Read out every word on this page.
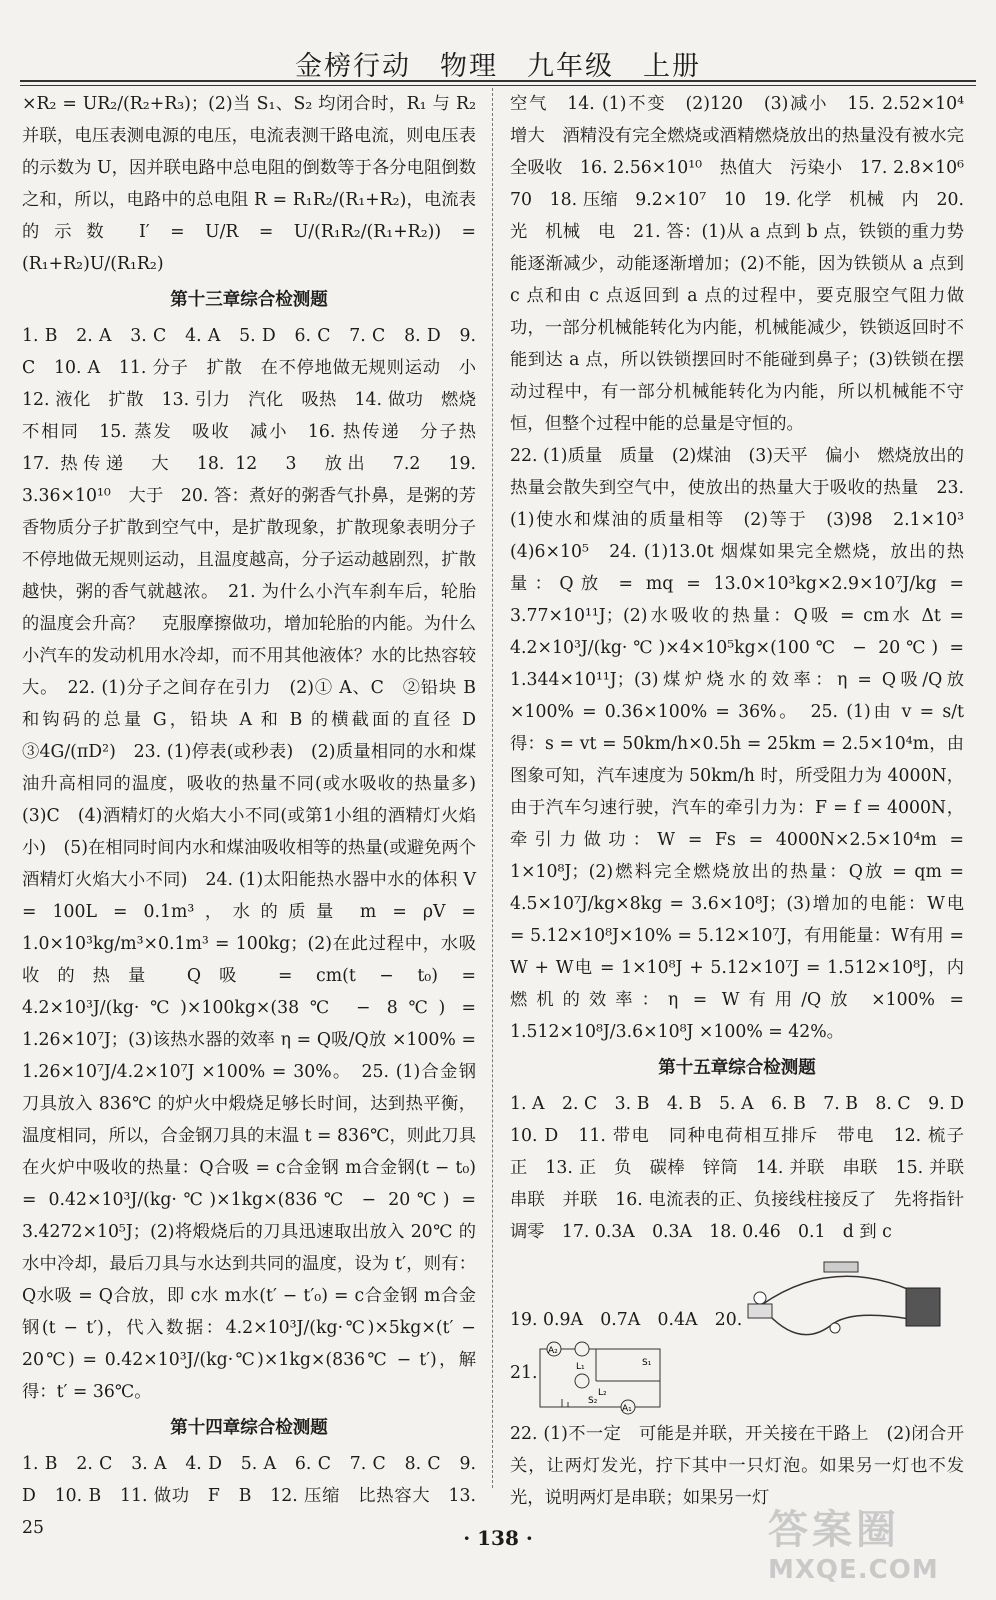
金榜行动　物理　九年级　上册

×R₂ = UR₂/(R₂+R₃)；(2)当 S₁、S₂ 均闭合时，R₁ 与 R₂ 并联，电压表测电源的电压，电流表测干路电流，则电压表的示数为 U，因并联电路中总电阻的倒数等于各分电阻倒数之和，所以，电路中的总电阻 R = R₁R₂/(R₁+R₂)，电流表的示数 I′ = U/R = U/(R₁R₂/(R₁+R₂)) = (R₁+R₂)U/(R₁R₂)

第十三章综合检测题

1. B　2. A　3. C　4. A　5. D　6. C　7. C　8. D　9. C　10. A　11. 分子　扩散　在不停地做无规则运动　小　12. 液化　扩散　13. 引力　汽化　吸热　14. 做功　燃烧　不相同　15. 蒸发　吸收　减小　16. 热传递　分子热　17. 热传递　大　18. 12　3　放出　7.2　19. 3.36×10¹⁰　大于　20. 答：煮好的粥香气扑鼻，是粥的芳香物质分子扩散到空气中，是扩散现象，扩散现象表明分子不停地做无规则运动，且温度越高，分子运动越剧烈，扩散越快，粥的香气就越浓。　21. 为什么小汽车刹车后，轮胎的温度会升高？　克服摩擦做功，增加轮胎的内能。为什么小汽车的发动机用水冷却，而不用其他液体？水的比热容较大。　22. (1)分子之间存在引力　(2)① A、C　②铅块 B 和钩码的总量 G，铅块 A 和 B 的横截面的直径 D　③4G/(πD²)　23. (1)停表(或秒表)　(2)质量相同的水和煤油升高相同的温度，吸收的热量不同(或水吸收的热量多)　(3)C　(4)酒精灯的火焰大小不同(或第1小组的酒精灯火焰小)　(5)在相同时间内水和煤油吸收相等的热量(或避免两个酒精灯火焰大小不同)　24. (1)太阳能热水器中水的体积 V = 100L = 0.1m³，水的质量 m = ρV = 1.0×10³kg/m³×0.1m³ = 100kg；(2)在此过程中，水吸收的热量 Q吸 = cm(t − t₀) = 4.2×10³J/(kg·℃)×100kg×(38℃ − 8℃) = 1.26×10⁷J；(3)该热水器的效率 η = Q吸/Q放 ×100% = 1.26×10⁷J/4.2×10⁷J ×100% = 30%。　25. (1)合金钢刀具放入 836℃ 的炉火中煅烧足够长时间，达到热平衡，温度相同，所以，合金钢刀具的末温 t = 836℃，则此刀具在火炉中吸收的热量：Q合吸 = c合金钢 m合金钢(t − t₀) = 0.42×10³J/(kg·℃)×1kg×(836℃ − 20℃) = 3.4272×10⁵J；(2)将煅烧后的刀具迅速取出放入 20℃ 的水中冷却，最后刀具与水达到共同的温度，设为 t′，则有：Q水吸 = Q合放，即 c水 m水(t′ − t′₀) = c合金钢 m合金钢(t − t′)，代入数据：4.2×10³J/(kg·℃)×5kg×(t′ − 20℃) = 0.42×10³J/(kg·℃)×1kg×(836℃ − t′)，解得：t′ = 36℃。

第十四章综合检测题

1. B　2. C　3. A　4. D　5. A　6. C　7. C　8. C　9. D　10. B　11. 做功　F　B　12. 压缩　比热容大　13. 25

空气　14. (1)不变　(2)120　(3)减小　15. 2.52×10⁴　增大　酒精没有完全燃烧或酒精燃烧放出的热量没有被水完全吸收　16. 2.56×10¹⁰　热值大　污染小　17. 2.8×10⁶　70　18. 压缩　9.2×10⁷　10　19. 化学　机械　内　20. 光　机械　电　21. 答：(1)从 a 点到 b 点，铁锁的重力势能逐渐减少，动能逐渐增加；(2)不能，因为铁锁从 a 点到 c 点和由 c 点返回到 a 点的过程中，要克服空气阻力做功，一部分机械能转化为内能，机械能减少，铁锁返回时不能到达 a 点，所以铁锁摆回时不能碰到鼻子；(3)铁锁在摆动过程中，有一部分机械能转化为内能，所以机械能不守恒，但整个过程中能的总量是守恒的。

22. (1)质量　质量　(2)煤油　(3)天平　偏小　燃烧放出的热量会散失到空气中，使放出的热量大于吸收的热量　23. (1)使水和煤油的质量相等　(2)等于　(3)98　2.1×10³　(4)6×10⁵　24. (1)13.0t 烟煤如果完全燃烧，放出的热量：Q放 = mq = 13.0×10³kg×2.9×10⁷J/kg = 3.77×10¹¹J；(2)水吸收的热量：Q吸 = cm水 Δt = 4.2×10³J/(kg·℃)×4×10⁵kg×(100℃ − 20℃) = 1.344×10¹¹J；(3)煤炉烧水的效率：η = Q吸/Q放 ×100% = 0.36×100% = 36%。　25. (1)由 v = s/t 得：s = vt = 50km/h×0.5h = 25km = 2.5×10⁴m，由图象可知，汽车速度为 50km/h 时，所受阻力为 4000N，由于汽车匀速行驶，汽车的牵引力为：F = f = 4000N，牵引力做功：W = Fs = 4000N×2.5×10⁴m = 1×10⁸J；(2)燃料完全燃烧放出的热量：Q放 = qm = 4.5×10⁷J/kg×8kg = 3.6×10⁸J；(3)增加的电能：W电 = 5.12×10⁸J×10% = 5.12×10⁷J，有用能量：W有用 = W + W电 = 1×10⁸J + 5.12×10⁷J = 1.512×10⁸J，内燃机的效率：η = W有用/Q放 ×100% = 1.512×10⁸J/3.6×10⁸J ×100% = 42%。

第十五章综合检测题

1. A　2. C　3. B　4. B　5. A　6. B　7. B　8. C　9. D　10. D　11. 带电　同种电荷相互排斥　带电　12. 梳子　正　13. 正　负　碳棒　锌筒　14. 并联　串联　15. 并联　串联　并联　16. 电流表的正、负接线柱接反了　先将指针调零　17. 0.3A　0.3A　18. 0.46　0.1　d 到 c

19. 0.9A　0.7A　0.4A　20.
21.
A₂
A₁
L₁
L₂
S₁
S₂

22. (1)不一定　可能是并联，开关接在干路上　(2)闭合开关，让两灯发光，拧下其中一只灯泡。如果另一灯也不发光，说明两灯是串联；如果另一灯

· 138 ·	答案圈
MXQE.COM
